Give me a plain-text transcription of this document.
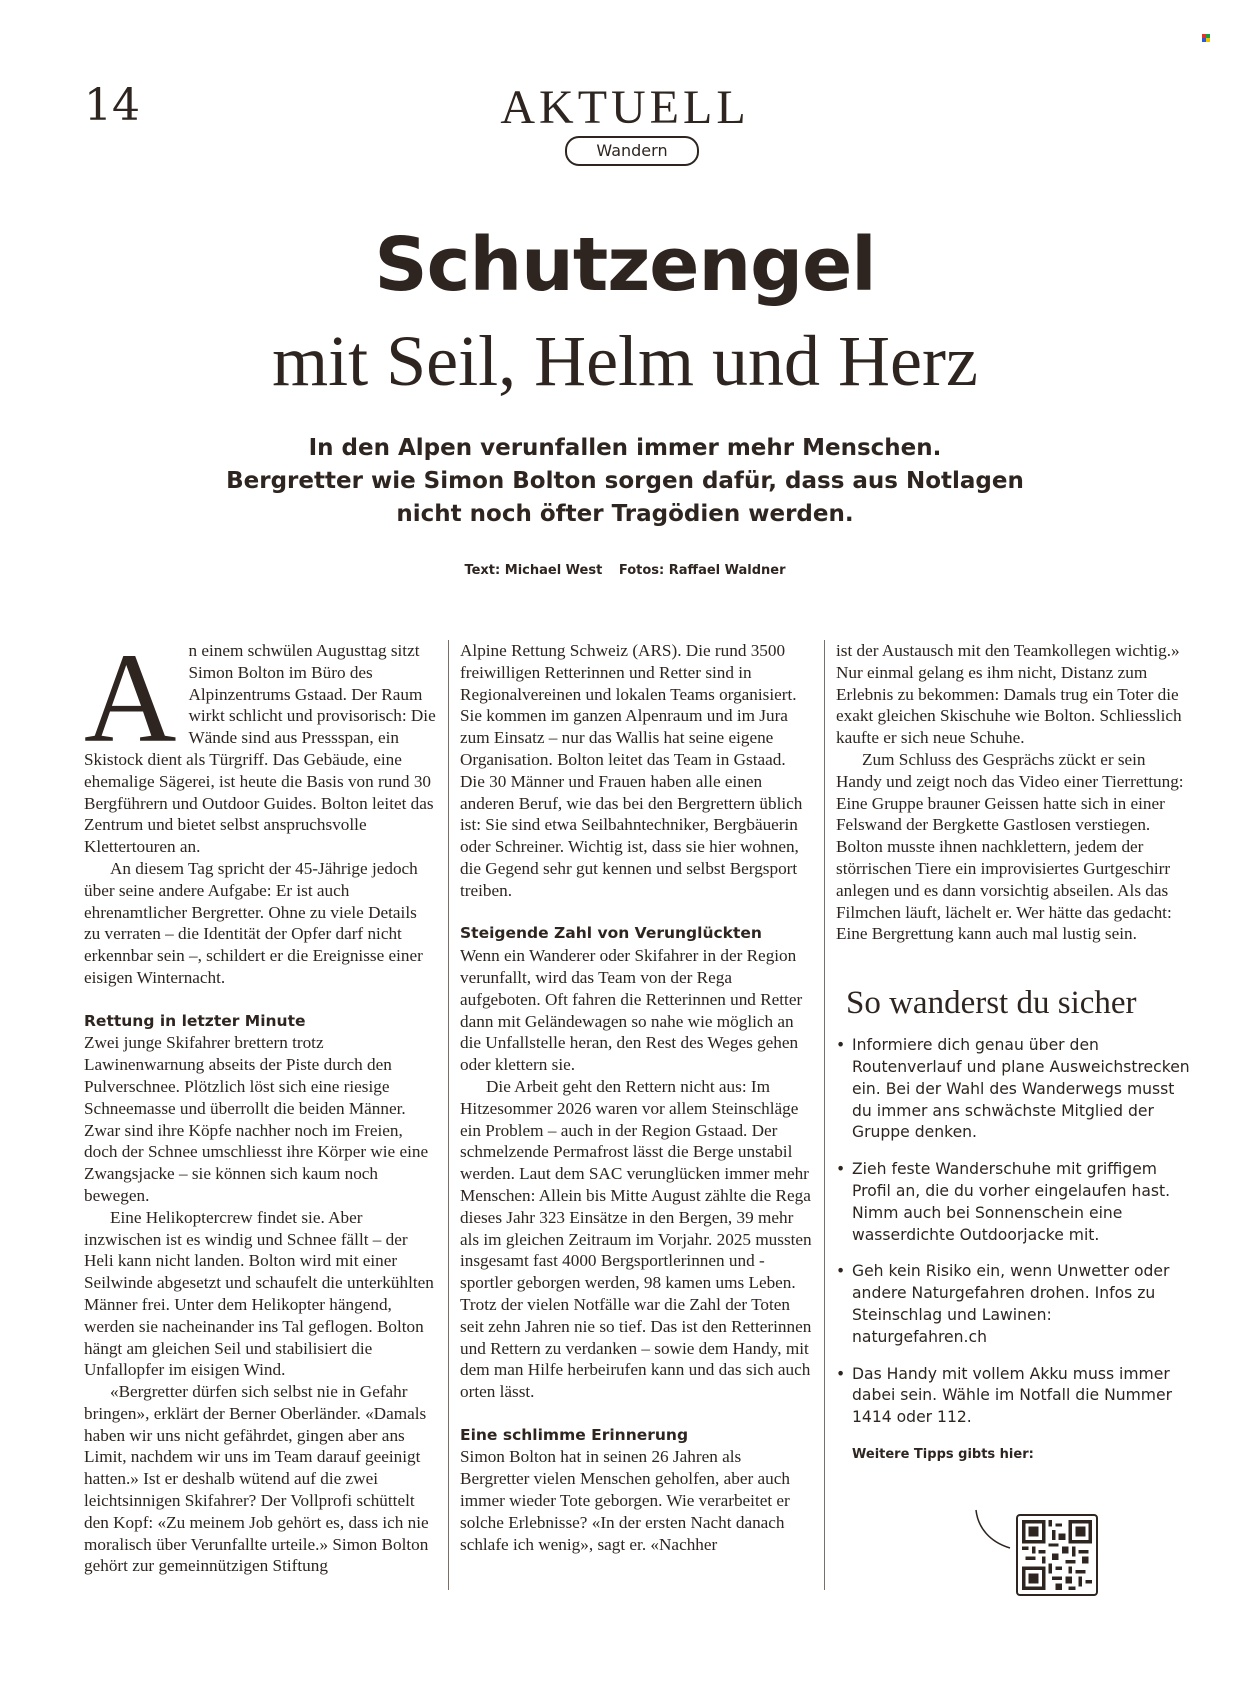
14	AKTUELL
Wandern
Schutzengel
mit Seil, Helm und Herz
In den Alpen verunfallen immer mehr Menschen.
Bergretter wie Simon Bolton sorgen dafür, dass aus Notlagen
nicht noch öfter Tragödien werden.
Text: Michael West Fotos: Raffael Waldner
A n einem schwülen Augusttag sitzt Simon Bolton im Büro des Alpinzentrums Gstaad. Der Raum wirkt schlicht und provisorisch: Die Wände sind aus Pressspan, ein Skistock dient als Türgriff. Das Gebäude, eine ehemalige Sägerei, ist heute die Basis von rund 30 Bergführern und Outdoor Guides. Bolton leitet das Zentrum und bietet selbst anspruchsvolle Klettertouren an.

An diesem Tag spricht der 45-Jährige jedoch über seine andere Aufgabe: Er ist auch ehrenamtlicher Bergretter. Ohne zu viele Details zu verraten – die Identität der Opfer darf nicht erkennbar sein –, schildert er die Ereignisse einer eisigen Winternacht.

Rettung in letzter Minute

Zwei junge Skifahrer brettern trotz Lawinenwarnung abseits der Piste durch den Pulverschnee. Plötzlich löst sich eine riesige Schneemasse und überrollt die beiden Männer. Zwar sind ihre Köpfe nachher noch im Freien, doch der Schnee umschliesst ihre Körper wie eine Zwangsjacke – sie können sich kaum noch bewegen.

Eine Helikoptercrew findet sie. Aber inzwischen ist es windig und Schnee fällt – der Heli kann nicht landen. Bolton wird mit einer Seilwinde abgesetzt und schaufelt die unterkühlten Männer frei. Unter dem Helikopter hängend, werden sie nacheinander ins Tal geflogen. Bolton hängt am gleichen Seil und stabilisiert die Unfallopfer im eisigen Wind.

«Bergretter dürfen sich selbst nie in Gefahr bringen», erklärt der Berner Oberländer. «Damals haben wir uns nicht gefährdet, gingen aber ans Limit, nachdem wir uns im Team darauf geeinigt hatten.» Ist er deshalb wütend auf die zwei leichtsinnigen Skifahrer? Der Vollprofi schüttelt den Kopf: «Zu meinem Job gehört es, dass ich nie moralisch über Verunfallte urteile.» Simon Bolton gehört zur gemeinnützigen Stiftung

Alpine Rettung Schweiz (ARS). Die rund 3500 freiwilligen Retterinnen und Retter sind in Regionalvereinen und lokalen Teams organisiert. Sie kommen im ganzen Alpenraum und im Jura zum Einsatz – nur das Wallis hat seine eigene Organisation. Bolton leitet das Team in Gstaad. Die 30 Männer und Frauen haben alle einen anderen Beruf, wie das bei den Bergrettern üblich ist: Sie sind etwa Seilbahntechniker, Bergbäuerin oder Schreiner. Wichtig ist, dass sie hier wohnen, die Gegend sehr gut kennen und selbst Bergsport treiben.

Steigende Zahl von Verunglückten

Wenn ein Wanderer oder Skifahrer in der Region verunfallt, wird das Team von der Rega aufgeboten. Oft fahren die Retterinnen und Retter dann mit Geländewagen so nahe wie möglich an die Unfallstelle heran, den Rest des Weges gehen oder klettern sie.

Die Arbeit geht den Rettern nicht aus: Im Hitzesommer 2026 waren vor allem Steinschläge ein Problem – auch in der Region Gstaad. Der schmelzende Permafrost lässt die Berge unstabil werden. Laut dem SAC verunglücken immer mehr Menschen: Allein bis Mitte August zählte die Rega dieses Jahr 323 Einsätze in den Bergen, 39 mehr als im gleichen Zeitraum im Vorjahr. 2025 mussten insgesamt fast 4000 Bergsportlerinnen und -sportler geborgen werden, 98 kamen ums Leben. Trotz der vielen Notfälle war die Zahl der Toten seit zehn Jahren nie so tief. Das ist den Retterinnen und Rettern zu verdanken – sowie dem Handy, mit dem man Hilfe herbeirufen kann und das sich auch orten lässt.

Eine schlimme Erinnerung

Simon Bolton hat in seinen 26 Jahren als Bergretter vielen Menschen geholfen, aber auch immer wieder Tote geborgen. Wie verarbeitet er solche Erlebnisse? «In der ersten Nacht danach schlafe ich wenig», sagt er. «Nachher

ist der Austausch mit den Teamkollegen wichtig.» Nur einmal gelang es ihm nicht, Distanz zum Erlebnis zu bekommen: Damals trug ein Toter die exakt gleichen Skischuhe wie Bolton. Schliesslich kaufte er sich neue Schuhe.

Zum Schluss des Gesprächs zückt er sein Handy und zeigt noch das Video einer Tierrettung: Eine Gruppe brauner Geissen hatte sich in einer Felswand der Bergkette Gastlosen verstiegen. Bolton musste ihnen nachklettern, jedem der störrischen Tiere ein improvisiertes Gurtgeschirr anlegen und es dann vorsichtig abseilen. Als das Filmchen läuft, lächelt er. Wer hätte das gedacht: Eine Bergrettung kann auch mal lustig sein.

So wanderst du sicher
• Informiere dich genau über den Routenverlauf und plane Ausweichstrecken ein. Bei der Wahl des Wanderwegs musst du immer ans schwächste Mitglied der Gruppe denken.
• Zieh feste Wanderschuhe mit griffigem Profil an, die du vorher eingelaufen hast. Nimm auch bei Sonnenschein eine wasserdichte Outdoorjacke mit.
• Geh kein Risiko ein, wenn Unwetter oder andere Naturgefahren drohen. Infos zu Steinschlag und Lawinen: naturgefahren.ch
• Das Handy mit vollem Akku muss immer dabei sein. Wähle im Notfall die Nummer 1414 oder 112.
Weitere Tipps gibts hier:
